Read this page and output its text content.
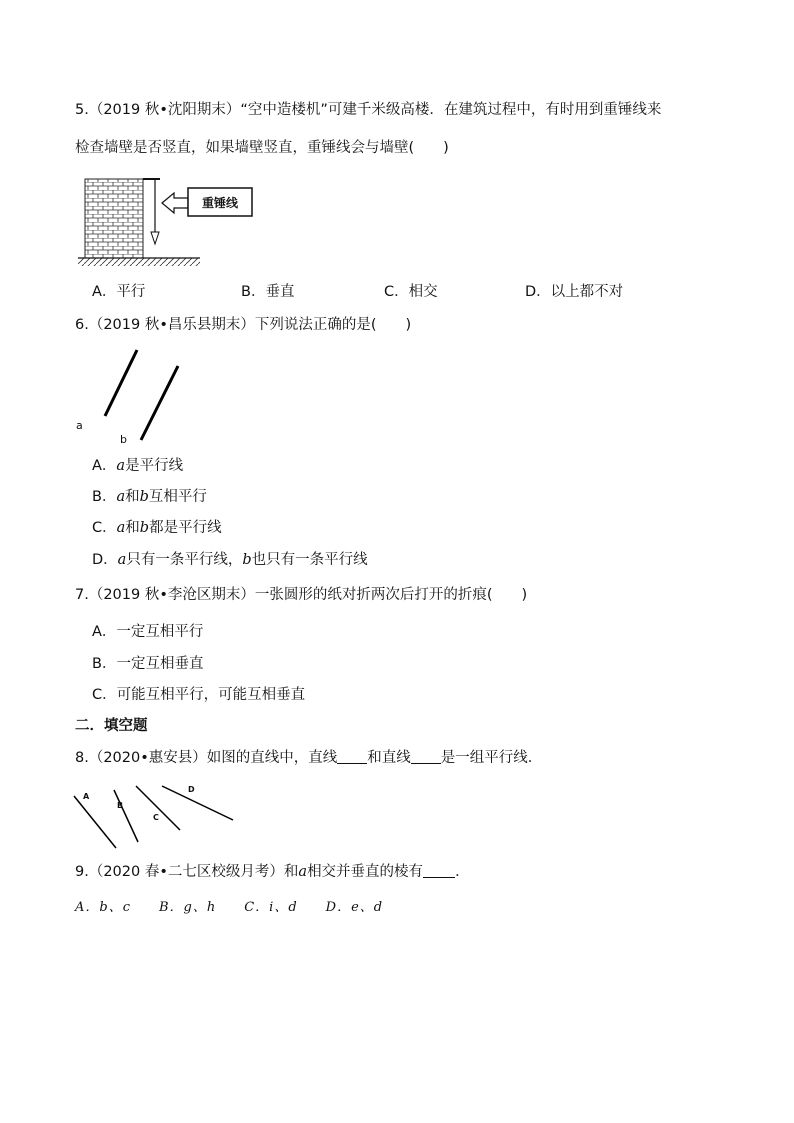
5.（2019 秋•沈阳期末）“空中造楼机”可建千米级高楼．在建筑过程中，有时用到重锤线来
检查墙壁是否竖直，如果墙壁竖直，重锤线会与墙壁(　　)
重锤线
A．平行	B．垂直	C．相交	D．以上都不对
6.（2019 秋•昌乐县期末）下列说法正确的是(　　)
a
b
A．a是平行线
B．a和b互相平行
C．a和b都是平行线
D．a只有一条平行线，b也只有一条平行线
7.（2019 秋•李沧区期末）一张圆形的纸对折两次后打开的折痕(　　)
A．一定互相平行
B．一定互相垂直
C．可能互相平行，可能互相垂直
二．填空题
8.（2020•惠安县）如图的直线中，直线 和直线 是一组平行线．
A
B
C
D
9.（2020 春•二七区校级月考）和a相交并垂直的棱有 ．
A．b、c　　B．g、h　　C．i、d　　D．e、d
